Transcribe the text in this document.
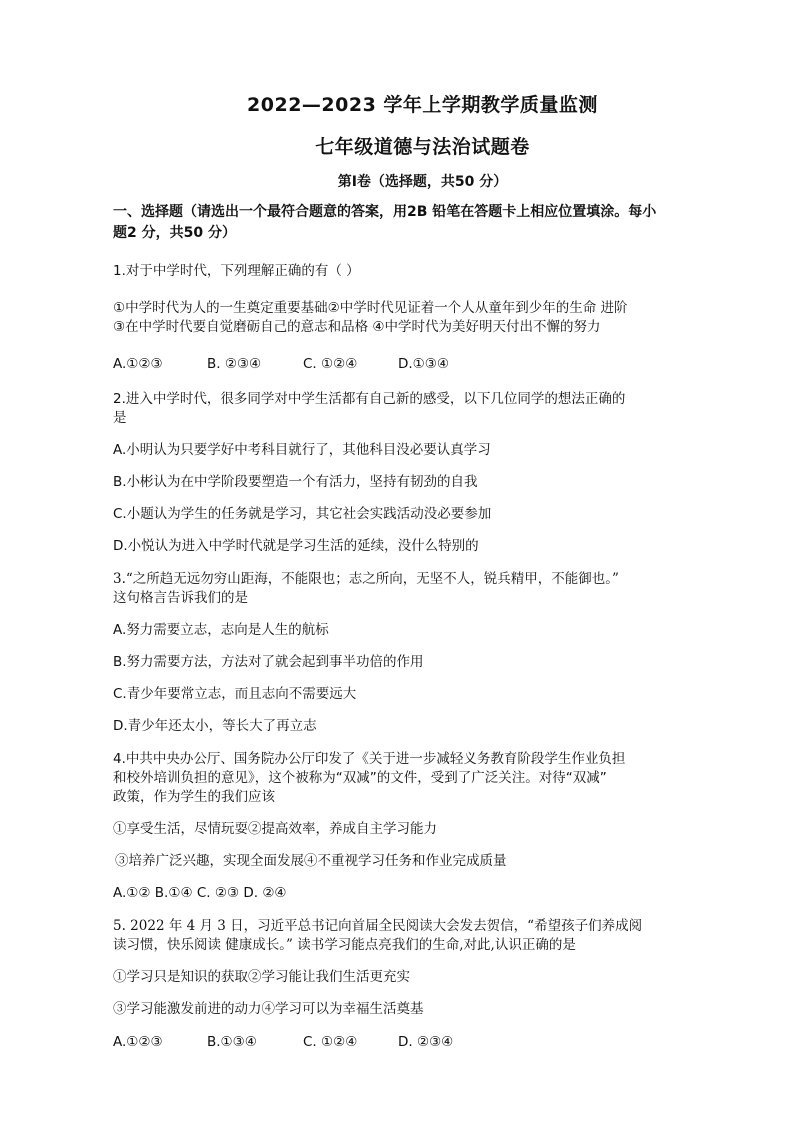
2022—2023 学年上学期教学质量监测
七年级道德与法治试题卷
第I卷（选择题，共50 分）
一、选择题（请选出一个最符合题意的答案，用2B 铅笔在答题卡上相应位置填涂。每小
题2 分，共50 分）
1.对于中学时代，下列理解正确的有（ ）
①中学时代为人的一生奠定重要基础②中学时代见证着一个人从童年到少年的生命 进阶
③在中学时代要自觉磨砺自己的意志和品格 ④中学时代为美好明天付出不懈的努力
A.①②③	B. ②③④	C. ①②④	D.①③④
2.进入中学时代，很多同学对中学生活都有自己新的感受，以下几位同学的想法正确的
是
A.小明认为只要学好中考科目就行了，其他科目没必要认真学习
B.小彬认为在中学阶段要塑造一个有活力，坚持有韧劲的自我
C.小题认为学生的任务就是学习，其它社会实践活动没必要参加
D.小悦认为进入中学时代就是学习生活的延续，没什么特别的
3.“之所趋无远勿穷山距海，不能限也；志之所向，无坚不人，锐兵精甲，不能御也。”
这句格言告诉我们的是
A.努力需要立志，志向是人生的航标
B.努力需要方法，方法对了就会起到事半功倍的作用
C.青少年要常立志，而且志向不需要远大
D.青少年还太小，等长大了再立志
4.中共中央办公厅、国务院办公厅印发了《关于进一步减轻义务教育阶段学生作业负担
和校外培训负担的意见》，这个被称为“双减”的文件，受到了广泛关注。对待“双减”
政策，作为学生的我们应该
①享受生活，尽情玩耍②提高效率，养成自主学习能力
③培养广泛兴趣，实现全面发展④不重视学习任务和作业完成质量
A.①② B.①④ C. ②③ D. ②④
5. 2022 年 4 月 3 日，习近平总书记向首届全民阅读大会发去贺信，“希望孩子们养成阅
读习惯，快乐阅读 健康成长。” 读书学习能点亮我们的生命,对此,认识正确的是
①学习只是知识的获取②学习能让我们生活更充实
③学习能激发前进的动力④学习可以为幸福生活奠基
A.①②③	B.①③④	C. ①②④	D. ②③④
